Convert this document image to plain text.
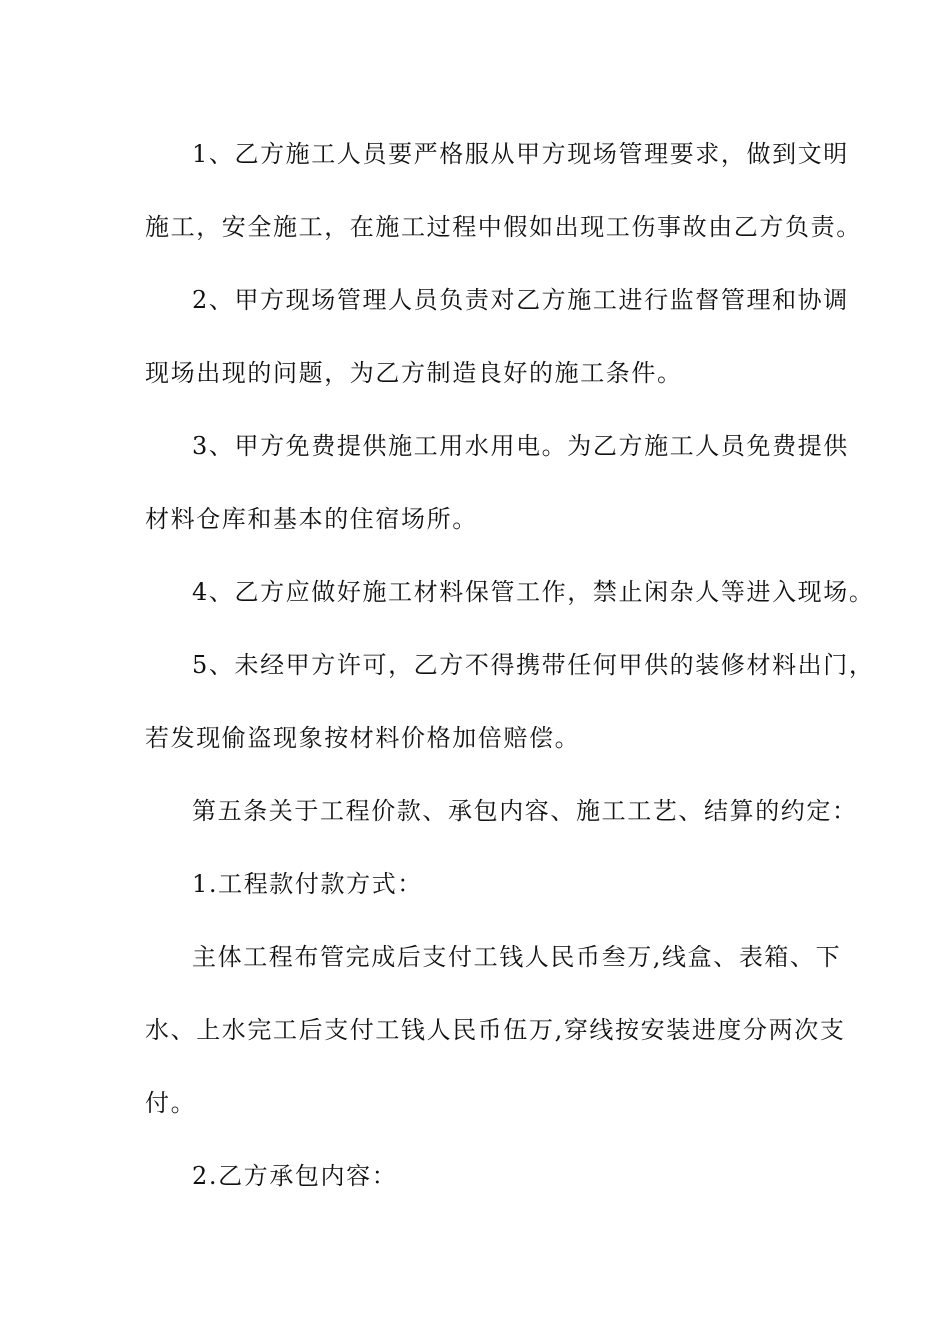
1、乙方施工人员要严格服从甲方现场管理要求，做到文明
施工，安全施工，在施工过程中假如出现工伤事故由乙方负责。
2、甲方现场管理人员负责对乙方施工进行监督管理和协调
现场出现的问题，为乙方制造良好的施工条件。
3、甲方免费提供施工用水用电。为乙方施工人员免费提供
材料仓库和基本的住宿场所。
4、乙方应做好施工材料保管工作，禁止闲杂人等进入现场。
5、未经甲方许可，乙方不得携带任何甲供的装修材料出门，
若发现偷盗现象按材料价格加倍赔偿。
第五条关于工程价款、承包内容、施工工艺、结算的约定：
1.工程款付款方式：
主体工程布管完成后支付工钱人民币叁万,线盒、表箱、下
水、上水完工后支付工钱人民币伍万,穿线按安装进度分两次支
付。
2.乙方承包内容：
